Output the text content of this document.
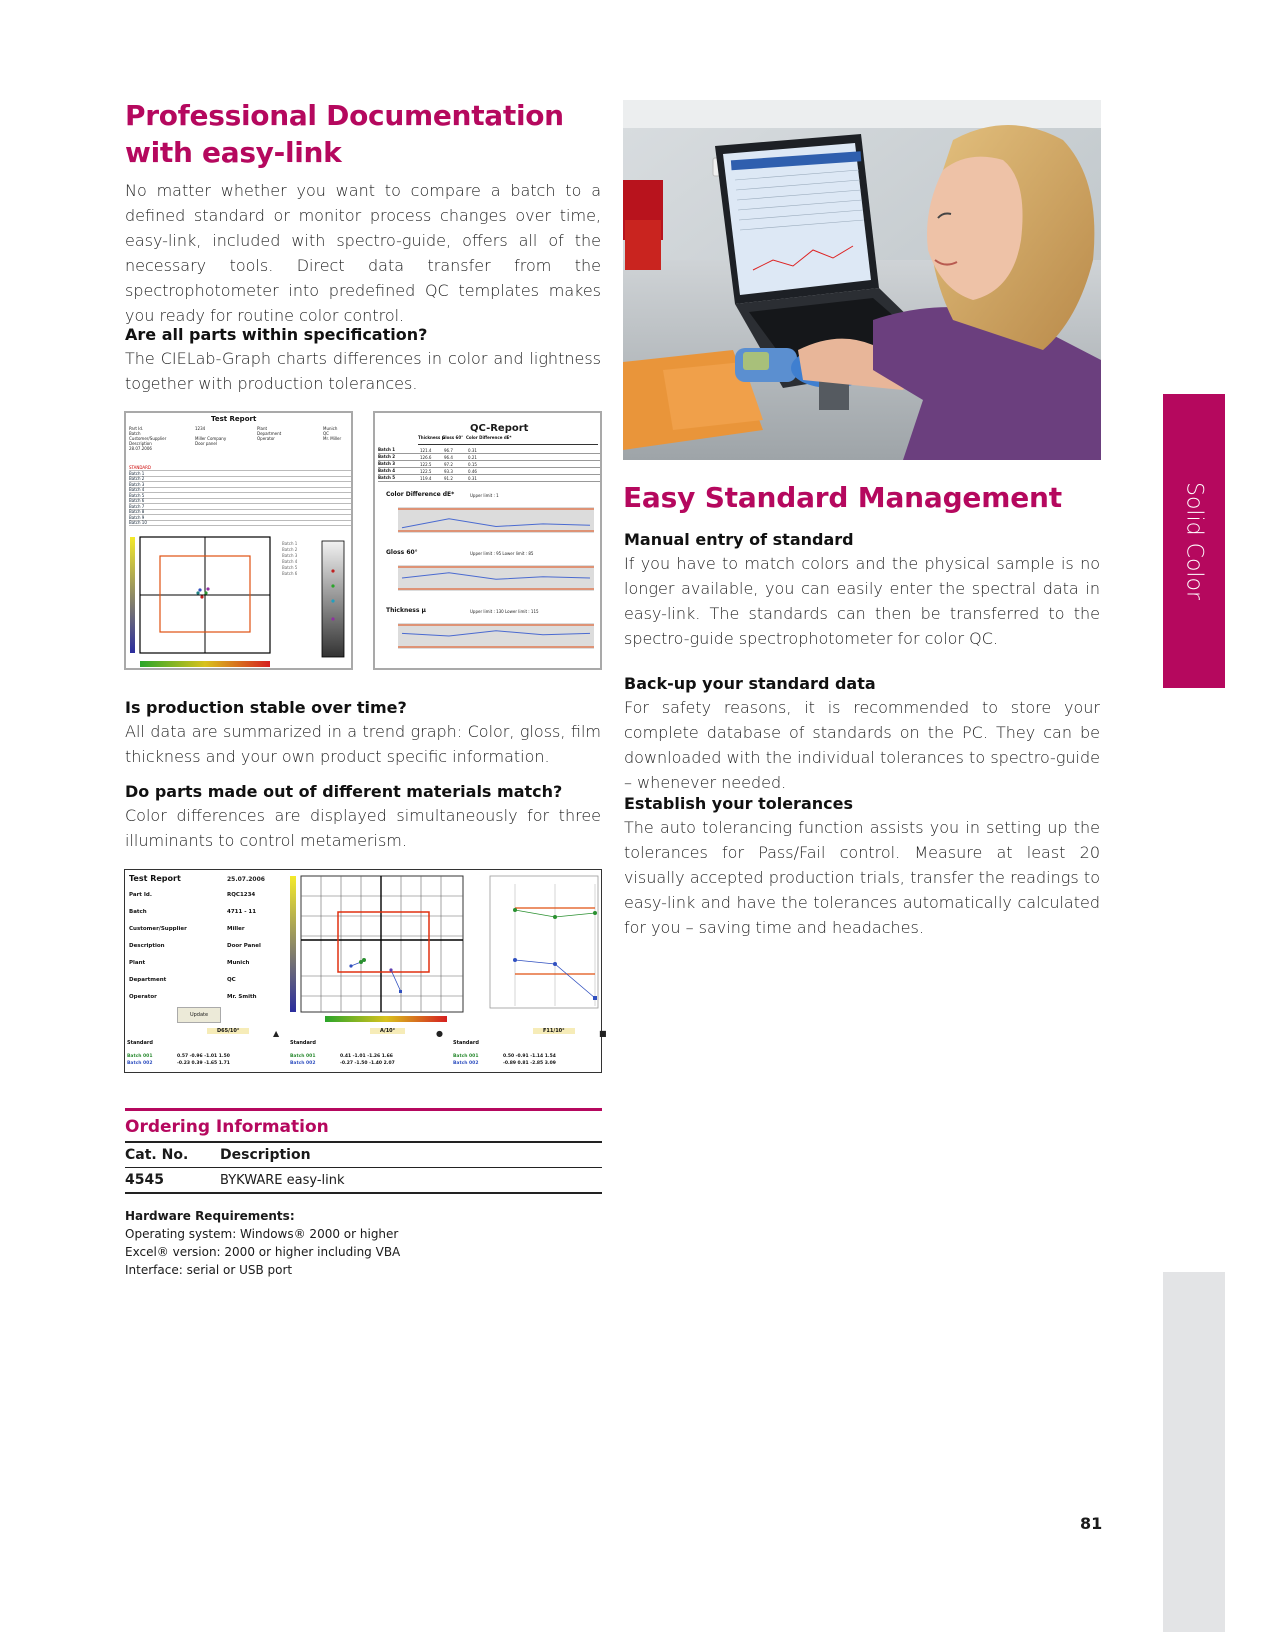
Professional Documentation
with easy-link
No matter whether you want to compare a batch to a defined standard or monitor process changes over time, easy-link, included with spectro-guide, offers all of the necessary tools. Direct data transfer from the spectrophotometer into predefined QC templates makes you ready for routine color control.
Are all parts within specification?
The CIELab-Graph charts differences in color and lightness together with production tolerances.
Test Report
Part Id.	1234
Batch
Customer/Supplier	Miller Company
Description	Door panel
Plant	Munich
Department	QC
Operator	Mr. Miller
28.07.2006
STANDARD
Batch 1
Batch 2
Batch 3
Batch 4
Batch 5
Batch 6
Batch 7
Batch 8
Batch 9
Batch 10
Batch 1
Batch 2
Batch 3
Batch 4
Batch 5
Batch 6
QC-Report
Thickness µ
Gloss 60° Color Difference dE*
Batch 1	121.4	96.7	0.31
Batch 2	126.6	96.4	0.21
Batch 3	122.5	97.2	0.15
Batch 4	122.5	93.3	0.46
Batch 5	119.4	91.2	0.31
Color Difference dE*	Upper limit : 1
Gloss 60°	Upper limit : 95 Lower limit : 85
Thickness µ	Upper limit : 130 Lower limit : 115
Is production stable over time?
All data are summarized in a trend graph: Color, gloss, film thickness and your own product specific information.
Do parts made out of different materials match?
Color differences are displayed simultaneously for three illuminants to control metamerism.
Test Report	25.07.2006
Part Id.	RQC1234
Batch	4711 - 11
Customer/Supplier	Miller
Description	Door Panel
Plant	Munich
Department	QC
Operator	Mr. Smith
Update
D65/10°	▲
Standard
Batch 001	0.57 -0.96 -1.01 1.50
Batch 002	-0.23 0.39 -1.65 1.71
A/10°	●
Standard
Batch 001	0.41 -1.01 -1.26 1.66
Batch 002	-0.27 -1.50 -1.40 2.07
F11/10°	■
Standard
Batch 001	0.50 -0.91 -1.14 1.54
Batch 002	-0.89 0.81 -2.85 3.09
Ordering Information
Cat. No.	Description
4545	BYKWARE easy-link
Hardware Requirements:
Operating system: Windows® 2000 or higher
Excel® version: 2000 or higher including VBA
Interface: serial or USB port
Easy Standard Management
Manual entry of standard
If you have to match colors and the physical sample is no longer available, you can easily enter the spectral data in easy-link. The standards can then be transferred to the spectro-guide spectrophotometer for color QC.
Back-up your standard data
For safety reasons, it is recommended to store your complete database of standards on the PC. They can be downloaded with the individual tolerances to spectro-guide – whenever needed.
Establish your tolerances
The auto tolerancing function assists you in setting up the tolerances for Pass/Fail control. Measure at least 20 visually accepted production trials, transfer the readings to easy-link and have the tolerances automatically calculated for you – saving time and headaches.
Solid Color
81
